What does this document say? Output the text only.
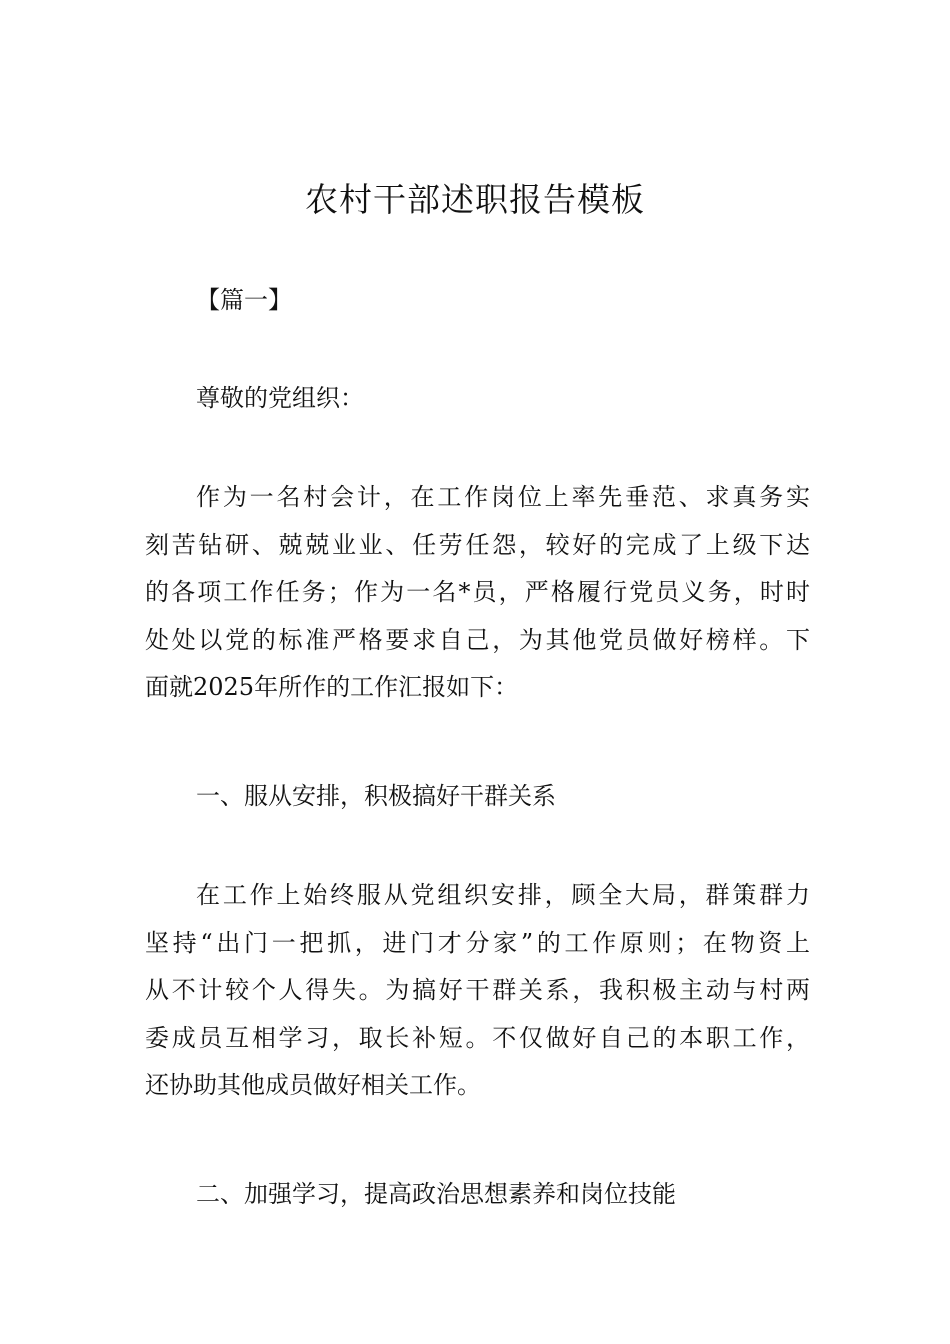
农村干部述职报告模板

【篇一】

尊敬的党组织：

作为一名村会计，在工作岗位上率先垂范、求真务实
刻苦钻研、兢兢业业、任劳任怨，较好的完成了上级下达
的各项工作任务；作为一名*员，严格履行党员义务，时时
处处以党的标准严格要求自己，为其他党员做好榜样。下
面就2025年所作的工作汇报如下：

一、服从安排，积极搞好干群关系

在工作上始终服从党组织安排，顾全大局，群策群力
坚持“出门一把抓，进门才分家”的工作原则；在物资上
从不计较个人得失。为搞好干群关系，我积极主动与村两
委成员互相学习，取长补短。不仅做好自己的本职工作，
还协助其他成员做好相关工作。

二、加强学习，提高政治思想素养和岗位技能
